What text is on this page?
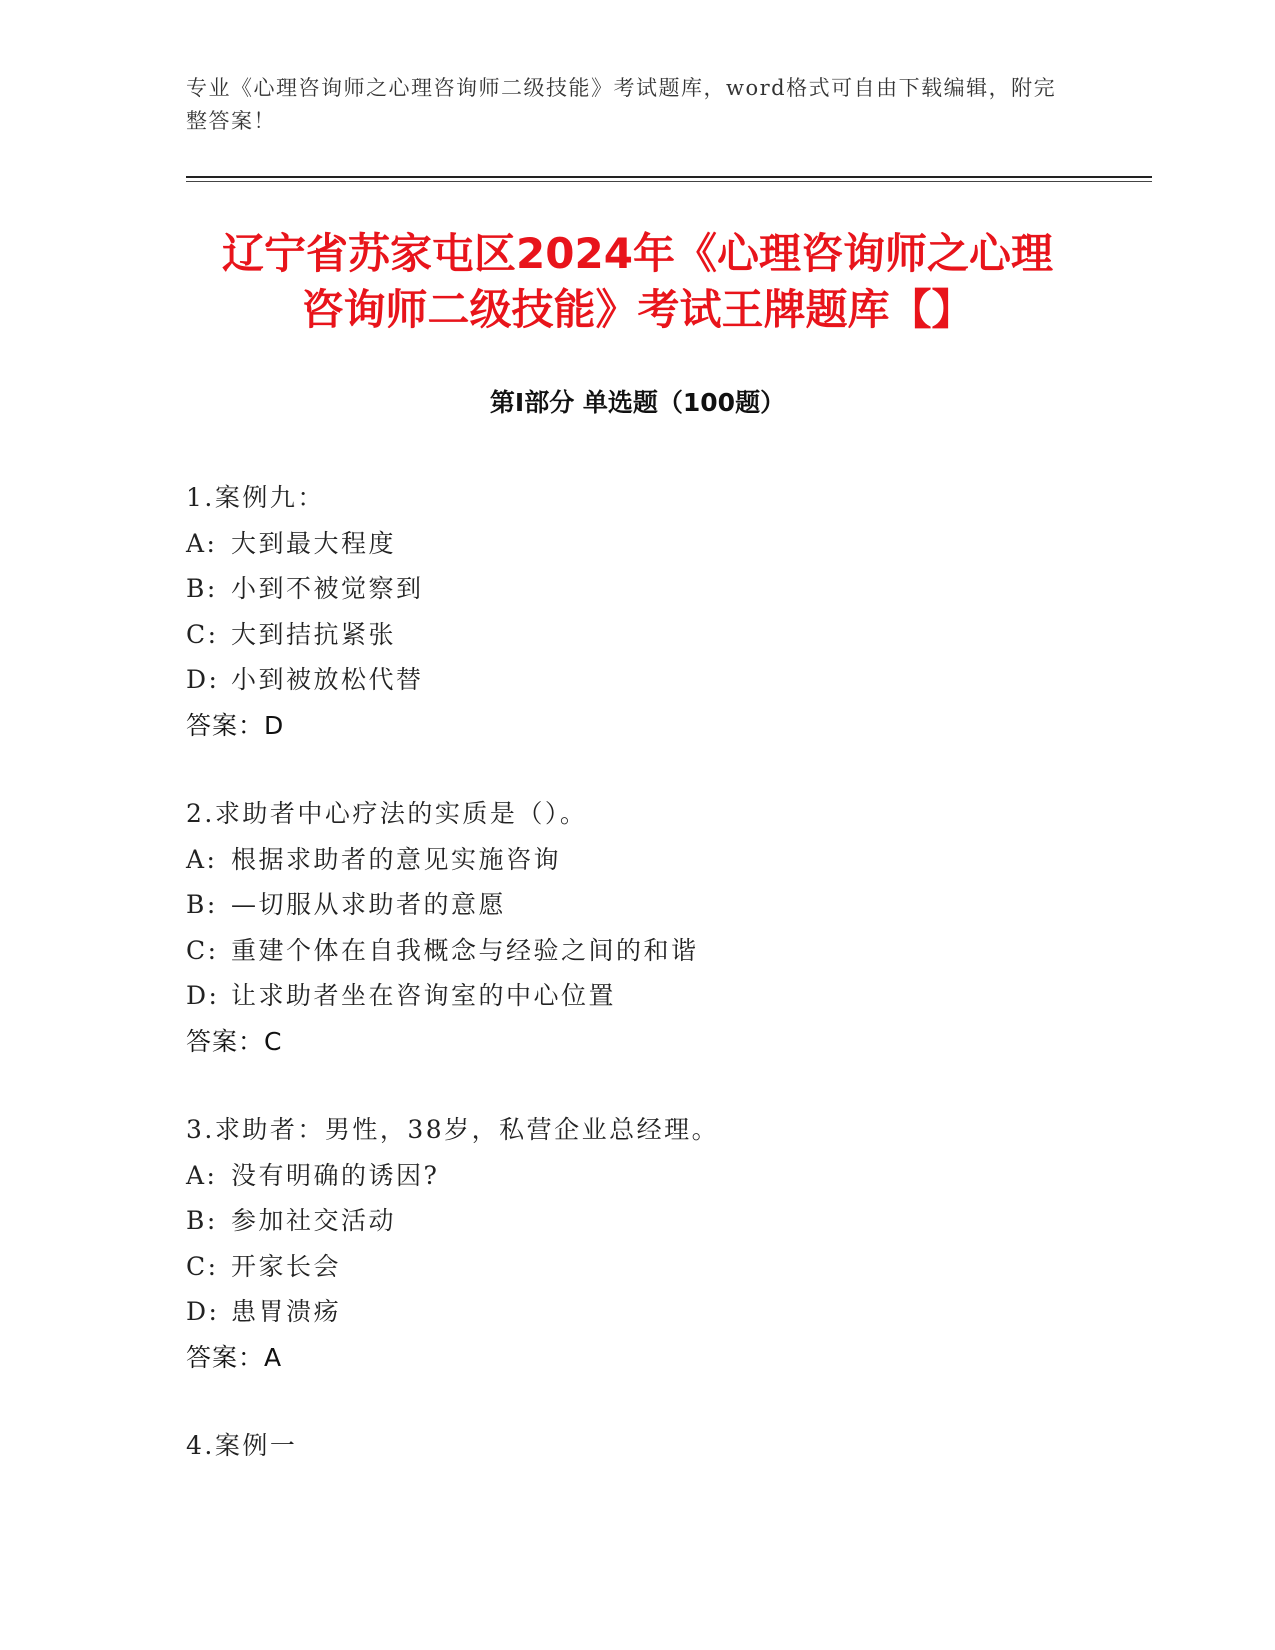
专业《心理咨询师之心理咨询师二级技能》考试题库，word格式可自由下载编辑，附完整答案！
辽宁省苏家屯区2024年《心理咨询师之心理
咨询师二级技能》考试王牌题库【】
第I部分 单选题（100题）
1.案例九：
A: 大到最大程度
B: 小到不被觉察到
C: 大到拮抗紧张
D: 小到被放松代替
答案：D
2.求助者中心疗法的实质是（）。
A: 根据求助者的意见实施咨询
B: —切服从求助者的意愿
C: 重建个体在自我概念与经验之间的和谐
D: 让求助者坐在咨询室的中心位置
答案：C
3.求助者：男性，38岁，私营企业总经理。
A: 没有明确的诱因?
B: 参加社交活动
C: 开家长会
D: 患胃溃疡
答案：A
4.案例一
